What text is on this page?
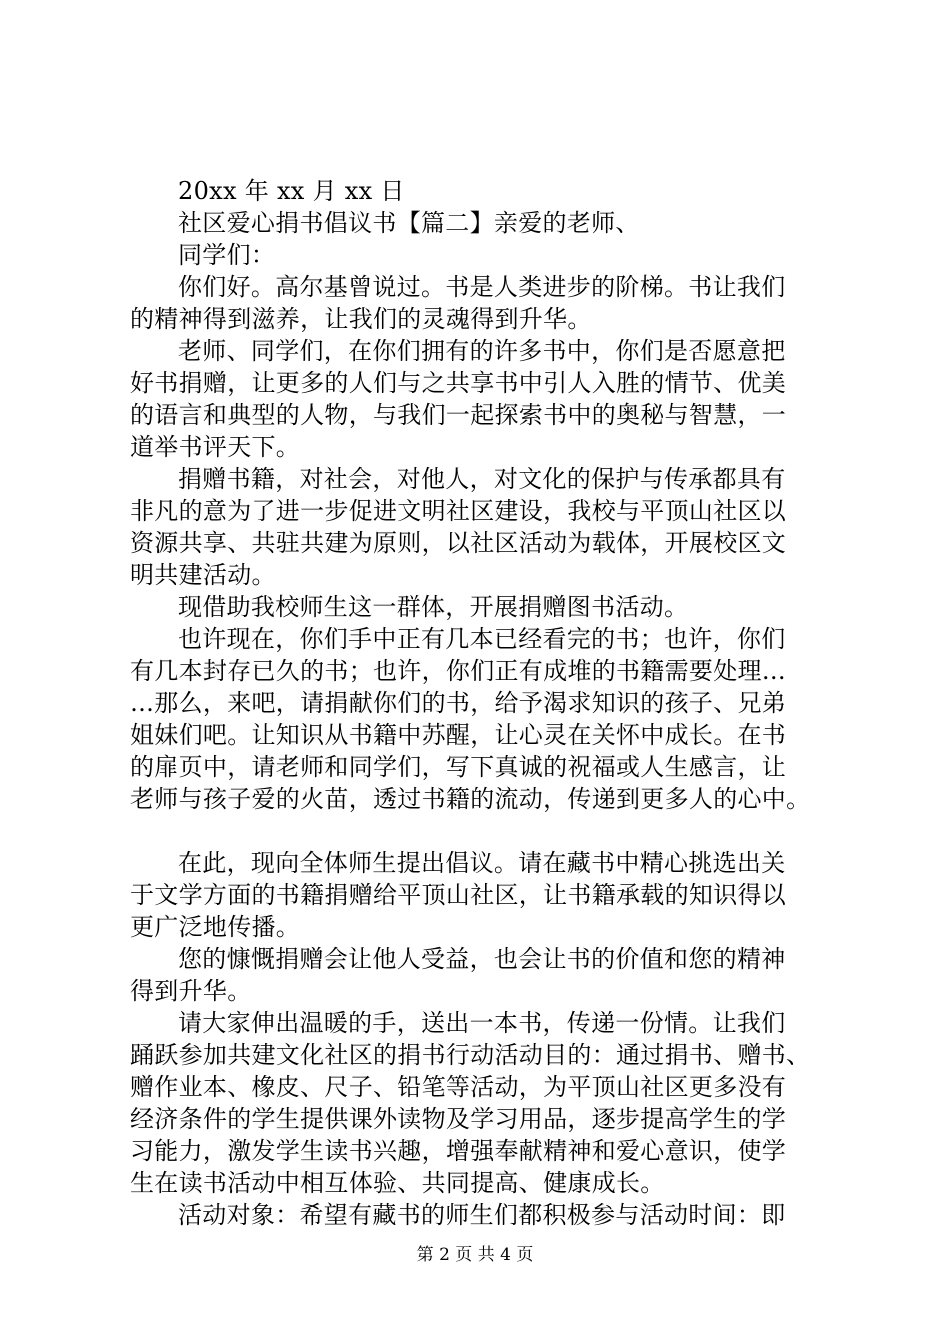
20xx 年 xx 月 xx 日
社区爱心捐书倡议书【篇二】亲爱的老师、
同学们：
你们好。高尔基曾说过。书是人类进步的阶梯。书让我们
的精神得到滋养，让我们的灵魂得到升华。
老师、同学们，在你们拥有的许多书中，你们是否愿意把
好书捐赠，让更多的人们与之共享书中引人入胜的情节、优美
的语言和典型的人物，与我们一起探索书中的奥秘与智慧，一
道举书评天下。
捐赠书籍，对社会，对他人，对文化的保护与传承都具有
非凡的意为了进一步促进文明社区建设，我校与平顶山社区以
资源共享、共驻共建为原则，以社区活动为载体，开展校区文
明共建活动。
现借助我校师生这一群体，开展捐赠图书活动。
也许现在，你们手中正有几本已经看完的书；也许，你们
有几本封存已久的书；也许，你们正有成堆的书籍需要处理…
…那么，来吧，请捐献你们的书，给予渴求知识的孩子、兄弟
姐妹们吧。让知识从书籍中苏醒，让心灵在关怀中成长。在书
的扉页中，请老师和同学们，写下真诚的祝福或人生感言，让
老师与孩子爱的火苗，透过书籍的流动，传递到更多人的心中。
在此，现向全体师生提出倡议。请在藏书中精心挑选出关
于文学方面的书籍捐赠给平顶山社区，让书籍承载的知识得以
更广泛地传播。
您的慷慨捐赠会让他人受益，也会让书的价值和您的精神
得到升华。
请大家伸出温暖的手，送出一本书，传递一份情。让我们
踊跃参加共建文化社区的捐书行动活动目的：通过捐书、赠书、
赠作业本、橡皮、尺子、铅笔等活动，为平顶山社区更多没有
经济条件的学生提供课外读物及学习用品，逐步提高学生的学
习能力，激发学生读书兴趣，增强奉献精神和爱心意识，使学
生在读书活动中相互体验、共同提高、健康成长。
活动对象：希望有藏书的师生们都积极参与活动时间：即
第 2 页 共 4 页
